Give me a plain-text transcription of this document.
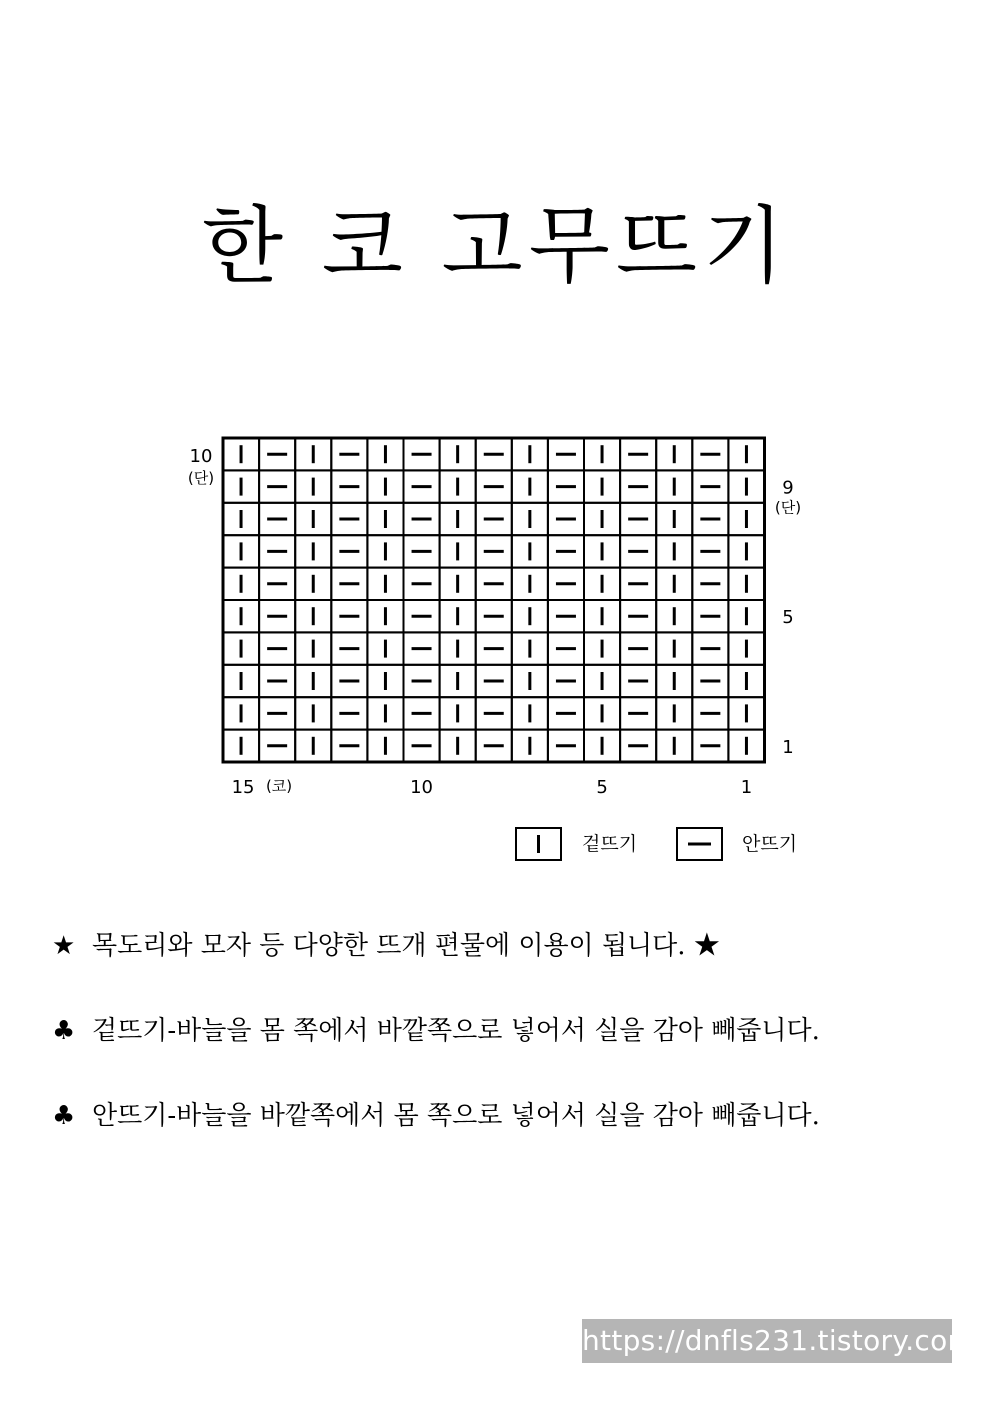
한 코 고무뜨기
10
(단)	9
(단)
5
1
15 (코)	10	5	1
겉뜨기	안뜨기
★ 목도리와 모자 등 다양한 뜨개 편물에 이용이 됩니다. ★
♣ 겉뜨기-바늘을 몸 쪽에서 바깥쪽으로 넣어서 실을 감아 빼줍니다.
♣ 안뜨기-바늘을 바깥쪽에서 몸 쪽으로 넣어서 실을 감아 빼줍니다.
https://dnfls231.tistory.com
